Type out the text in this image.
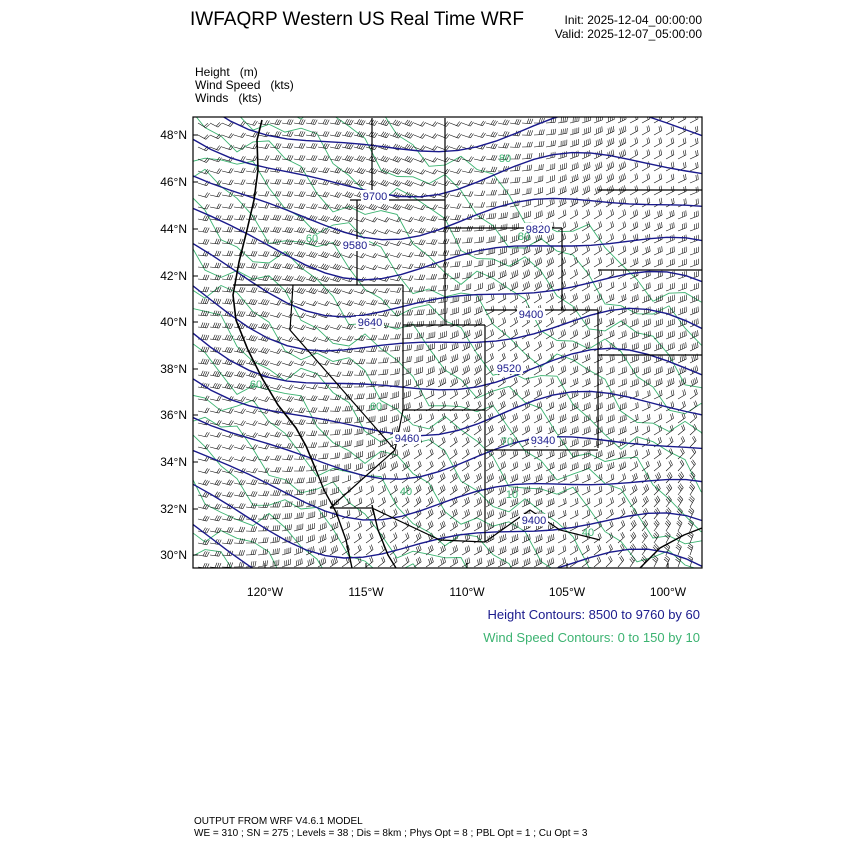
IWFAQRP Western US Real Time WRF	Init: 2025-12-04_00:00:00
Valid: 2025-12-07_05:00:00
Height (m)
Wind Speed (kts)
Winds (kts)
9700
9580
9640
9820
9400
9520
9460	9340
9400
80
80
60
60
60
70
40	10
40
48°N
46°N
44°N
42°N
40°N
38°N
36°N
34°N
32°N
30°N
120°W	115°W	110°W	105°W	100°W
Height Contours: 8500 to 9760 by 60
Wind Speed Contours: 0 to 150 by 10
OUTPUT FROM WRF V4.6.1 MODEL
WE = 310 ; SN = 275 ; Levels = 38 ; Dis = 8km ; Phys Opt = 8 ; PBL Opt = 1 ; Cu Opt = 3
